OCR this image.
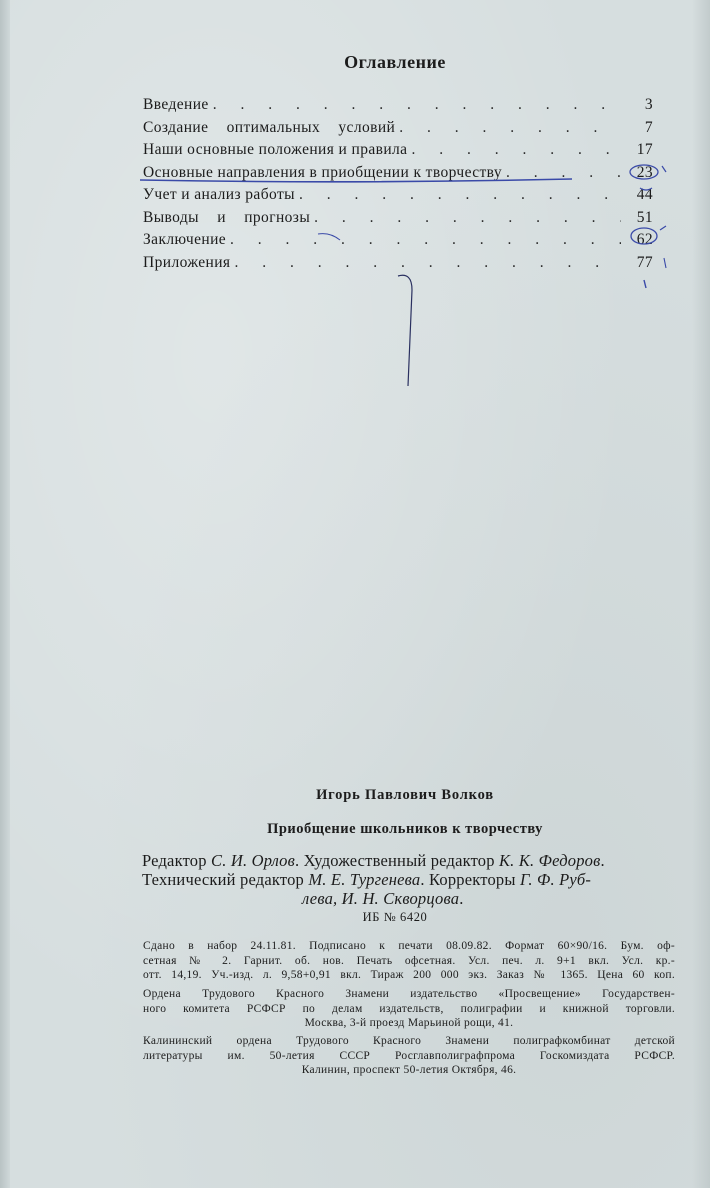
Оглавление
Введение . . .	3
Создание оптимальных условий . . .	7
Наши основные положения и правила . . .	17
Основные направления в приобщении к творчеству . . .	23
Учет и анализ работы . . .	44
Выводы и прогнозы . . .	51
Заключение . . .	62
Приложения . . .	77
Игорь Павлович Волков
Приобщение школьников к творчеству
Редактор С. И. Орлов. Художественный редактор К. К. Федоров.
Технический редактор М. Е. Тургенева. Корректоры Г. Ф. Руб-
лева, И. Н. Скворцова.
ИБ № 6420
Сдано в набор 24.11.81. Подписано к печати 08.09.82. Формат 60×90/16. Бум. оф-
сетная № 2. Гарнит. об. нов. Печать офсетная. Усл. печ. л. 9+1 вкл. Усл. кр.-
отт. 14,19. Уч.-изд. л. 9,58+0,91 вкл. Тираж 200 000 экз. Заказ № 1365. Цена 60 коп.
Ордена Трудового Красного Знамени издательство «Просвещение» Государствен-
ного комитета РСФСР по делам издательств, полиграфии и книжной торговли.
Москва, 3-й проезд Марьиной рощи, 41.
Калининский ордена Трудового Красного Знамени полиграфкомбинат детской
литературы им. 50-летия СССР Росглавполиграфпрома Госкомиздата РСФСР.
Калинин, проспект 50-летия Октября, 46.
